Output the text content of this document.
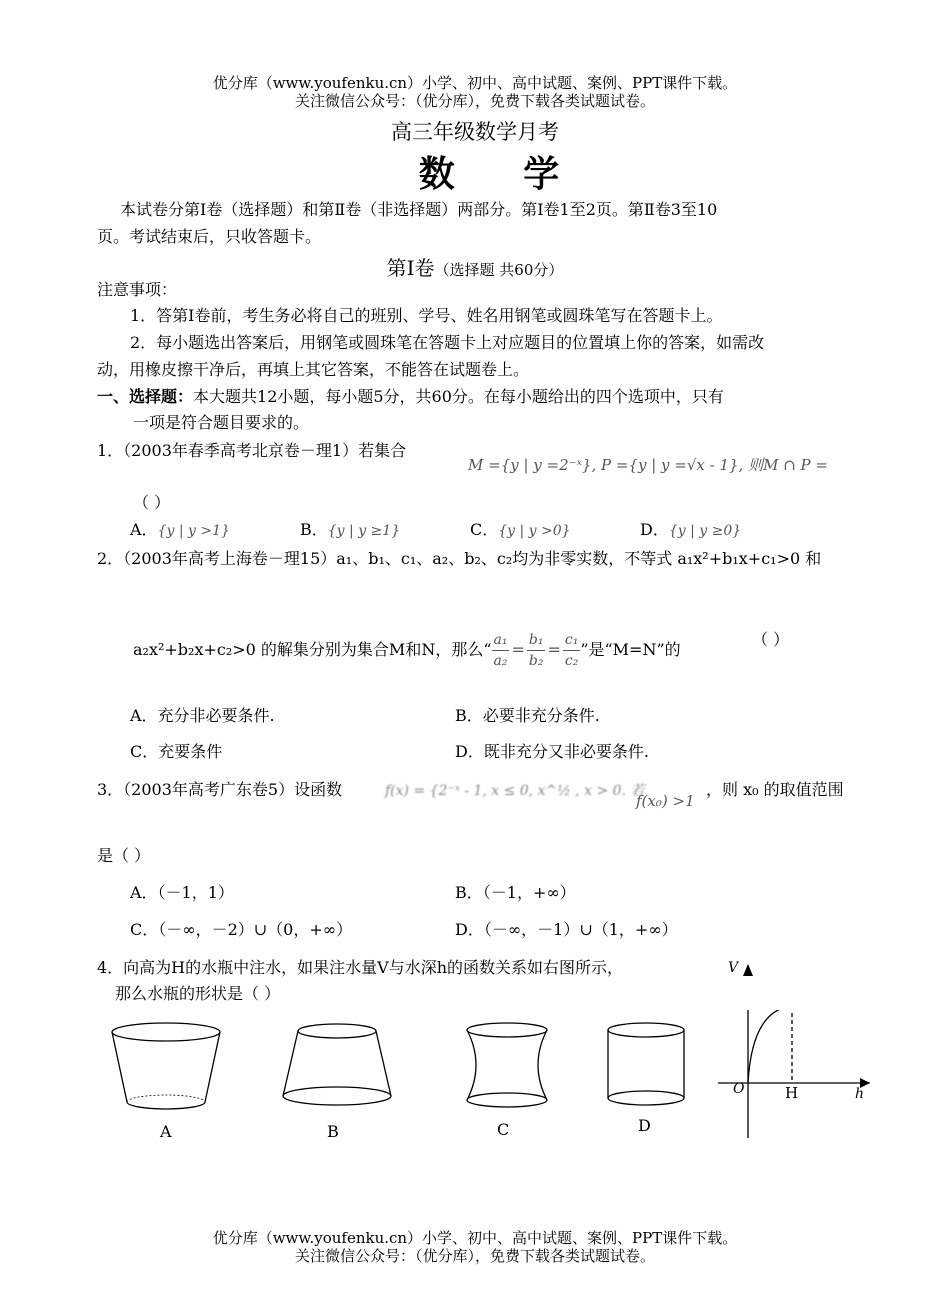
优分库（www.youfenku.cn）小学、初中、高中试题、案例、PPT课件下载。
关注微信公众号：（优分库），免费下载各类试题试卷。
高三年级数学月考
数 学
本试卷分第Ⅰ卷（选择题）和第Ⅱ卷（非选择题）两部分。第Ⅰ卷1至2页。第Ⅱ卷3至10
页。考试结束后，只收答题卡。
第Ⅰ卷（选择题 共60分）
注意事项：
1．答第Ⅰ卷前，考生务必将自己的班别、学号、姓名用钢笔或圆珠笔写在答题卡上。
2．每小题选出答案后，用钢笔或圆珠笔在答题卡上对应题目的位置填上你的答案，如需改
动，用橡皮擦干净后，再填上其它答案，不能答在试题卷上。
一、选择题：本大题共12小题，每小题5分，共60分。在每小题给出的四个选项中，只有
一项是符合题目要求的。
1．（2003年春季高考北京卷－理1）若集合
M ={y | y =2⁻ˣ}, P ={y | y =√x - 1}, 则M ∩ P =
（ ）
A．{y | y >1}	B．{y | y ≥1}	C．{y | y >0}	D．{y | y ≥0}
2．（2003年高考上海卷－理15）a₁、b₁、c₁、a₂、b₂、c₂均为非零实数，不等式 a₁x²+b₁x+c₁>0 和
a₂x²+b₂x+c₂>0 的解集分别为集合M和N，那么“ $\frac{\text{a₁}}{\text{a₂}} = \frac{\text{b₁}}{\text{b₂}} = \frac{\text{c₁}}{\text{c₂}}$ ”是“M=N”的
（ ）
A．充分非必要条件.	B．必要非充分条件.
C．充要条件	D．既非充分又非必要条件.
3．（2003年高考广东卷5）设函数	f(x) = {2⁻ˣ - 1, x ≤ 0, x^½ , x > 0. 若
f(x₀) >1
，则 x₀ 的取值范围
是（ ）
A．（－1，1）	B．（－1，+∞）
C．（－∞，－2）∪（0，+∞）	D．（－∞，－1）∪（1，+∞）
4．向高为H的水瓶中注水，如果注水量V与水深h的函数关系如右图所示，
那么水瓶的形状是（ ）
V
O	H	h
A	B	C	D
优分库（www.youfenku.cn）小学、初中、高中试题、案例、PPT课件下载。
关注微信公众号：（优分库），免费下载各类试题试卷。
